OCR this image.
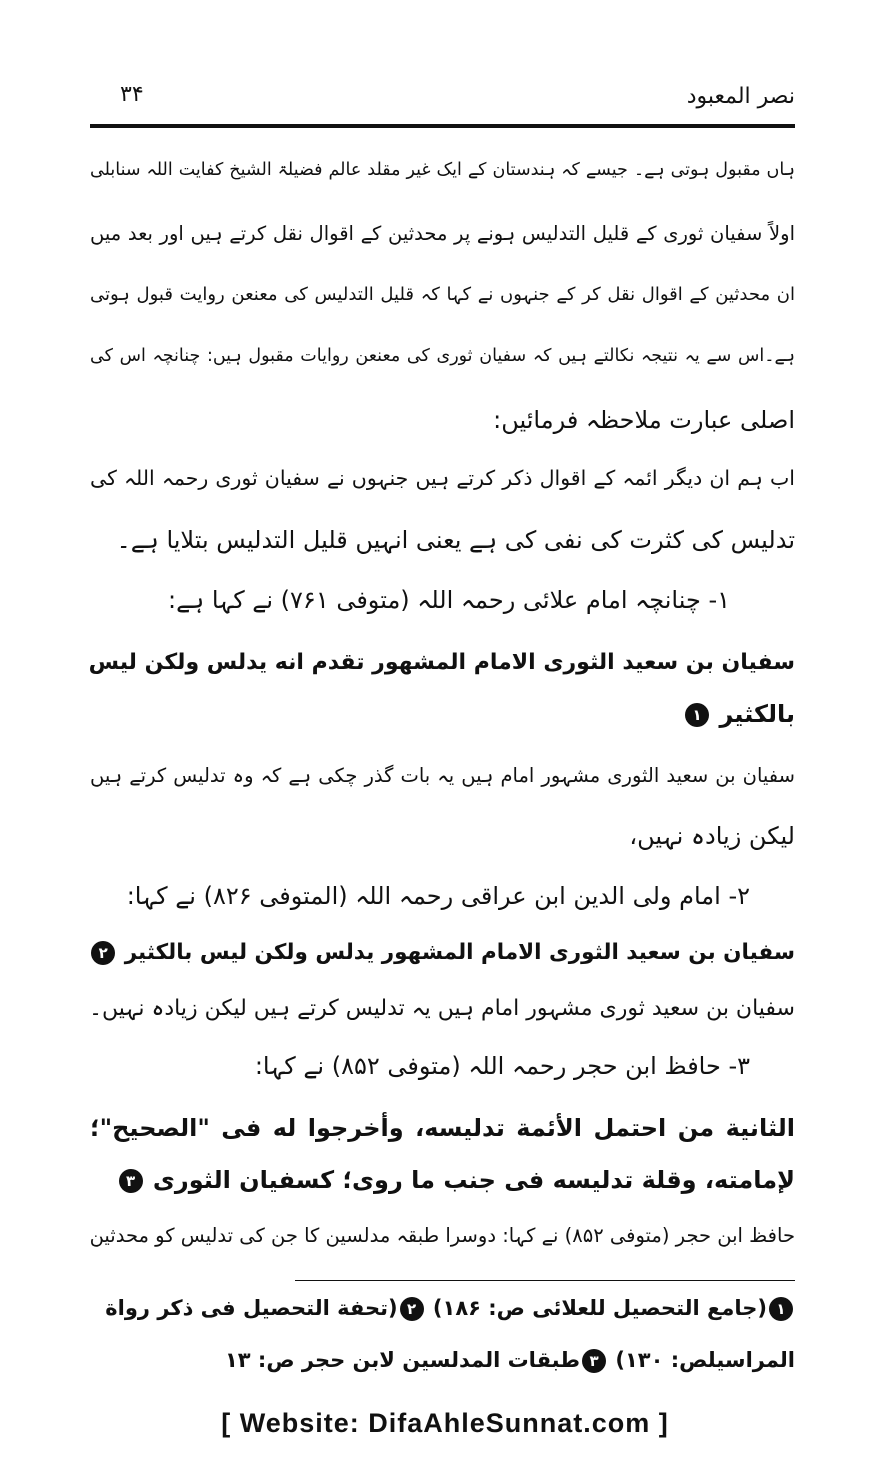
نصر المعبود
۳۴
ہاں مقبول ہوتی ہے۔ جیسے کہ ہندستان کے ایک غیر مقلد عالم فضیلۃ الشیخ کفایت اللہ سنابلی
اولاً سفیان ثوری کے قلیل التدلیس ہونے پر محدثین کے اقوال نقل کرتے ہیں اور بعد میں
ان محدثین کے اقوال نقل کر کے جنہوں نے کہا کہ قلیل التدلیس کی معنعن روایت قبول ہوتی
ہے۔اس سے یہ نتیجہ نکالتے ہیں کہ سفیان ثوری کی معنعن روایات مقبول ہیں: چنانچہ اس کی
اصلی عبارت ملاحظہ فرمائیں:
اب ہم ان دیگر ائمہ کے اقوال ذکر کرتے ہیں جنہوں نے سفیان ثوری رحمہ اللہ کی
تدلیس کی کثرت کی نفی کی ہے یعنی انہیں قلیل التدلیس بتلایا ہے۔
۱- چنانچہ امام علائی رحمہ اللہ (متوفی ۷۶۱) نے کہا ہے:
سفيان بن سعيد الثورى الامام المشهور تقدم انه يدلس ولكن ليس
بالكثير ۱
سفیان بن سعید الثوری مشہور امام ہیں یہ بات گذر چکی ہے کہ وہ تدلیس کرتے ہیں
لیکن زیادہ نہیں،
۲- امام ولی الدین ابن عراقی رحمہ اللہ (المتوفی ۸۲۶) نے کہا:
سفيان بن سعيد الثورى الامام المشهور يدلس ولكن ليس بالكثير ۲
سفیان بن سعید ثوری مشہور امام ہیں یہ تدلیس کرتے ہیں لیکن زیادہ نہیں۔
۳- حافظ ابن حجر رحمہ اللہ (متوفی ۸۵۲) نے کہا:
الثانية من احتمل الأئمة تدليسه، وأخرجوا له فى "الصحيح"؛
لإمامته، وقلة تدليسه فى جنب ما روى؛ كسفيان الثورى ۳
حافظ ابن حجر (متوفی ۸۵۲) نے کہا: دوسرا طبقہ مدلسین کا جن کی تدلیس کو محدثین
۱(جامع التحصيل للعلائى ص: ۱۸۶) ۲(تحفة التحصيل فى ذكر رواة
المراسيلص: ۱۳۰) ۳طبقات المدلسين لابن حجر ص: ۱۳
[ Website: DifaAhleSunnat.com ]
